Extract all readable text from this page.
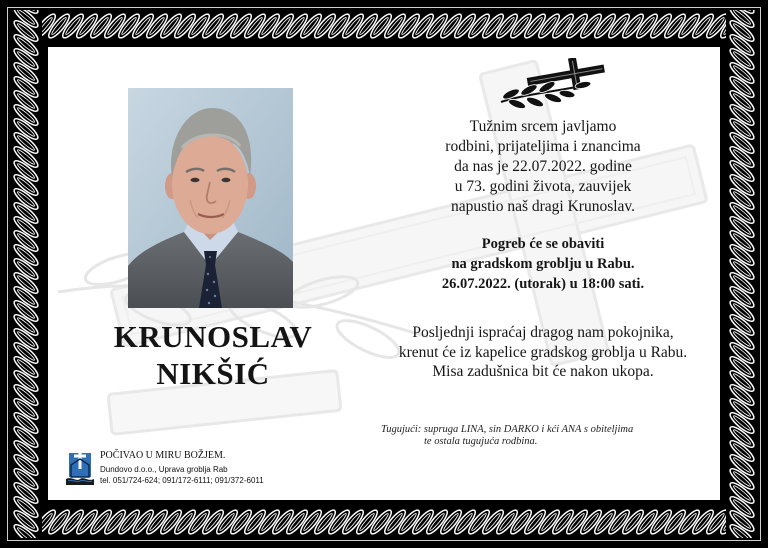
KRUNOSLAV
NIKŠIĆ
Tužnim srcem javljamo
rodbini, prijateljima i znancima
da nas je 22.07.2022. godine
u 73. godini života, zauvijek
napustio naš dragi Krunoslav.
Pogreb će se obaviti
na gradskom groblju u Rabu.
26.07.2022. (utorak) u 18:00 sati.
Posljednji ispraćaj dragog nam pokojnika,
krenut će iz kapelice gradskog groblja u Rabu.
Misa zadušnica bit će nakon ukopa.
Tugujući: supruga LINA, sin DARKO i kći ANA s obiteljima
te ostala tugujuća rodbina.
POČIVAO U MIRU BOŽJEM.
Dundovo d.o.o., Uprava groblja Rab
tel. 051/724-624; 091/172-6111; 091/372-6011
